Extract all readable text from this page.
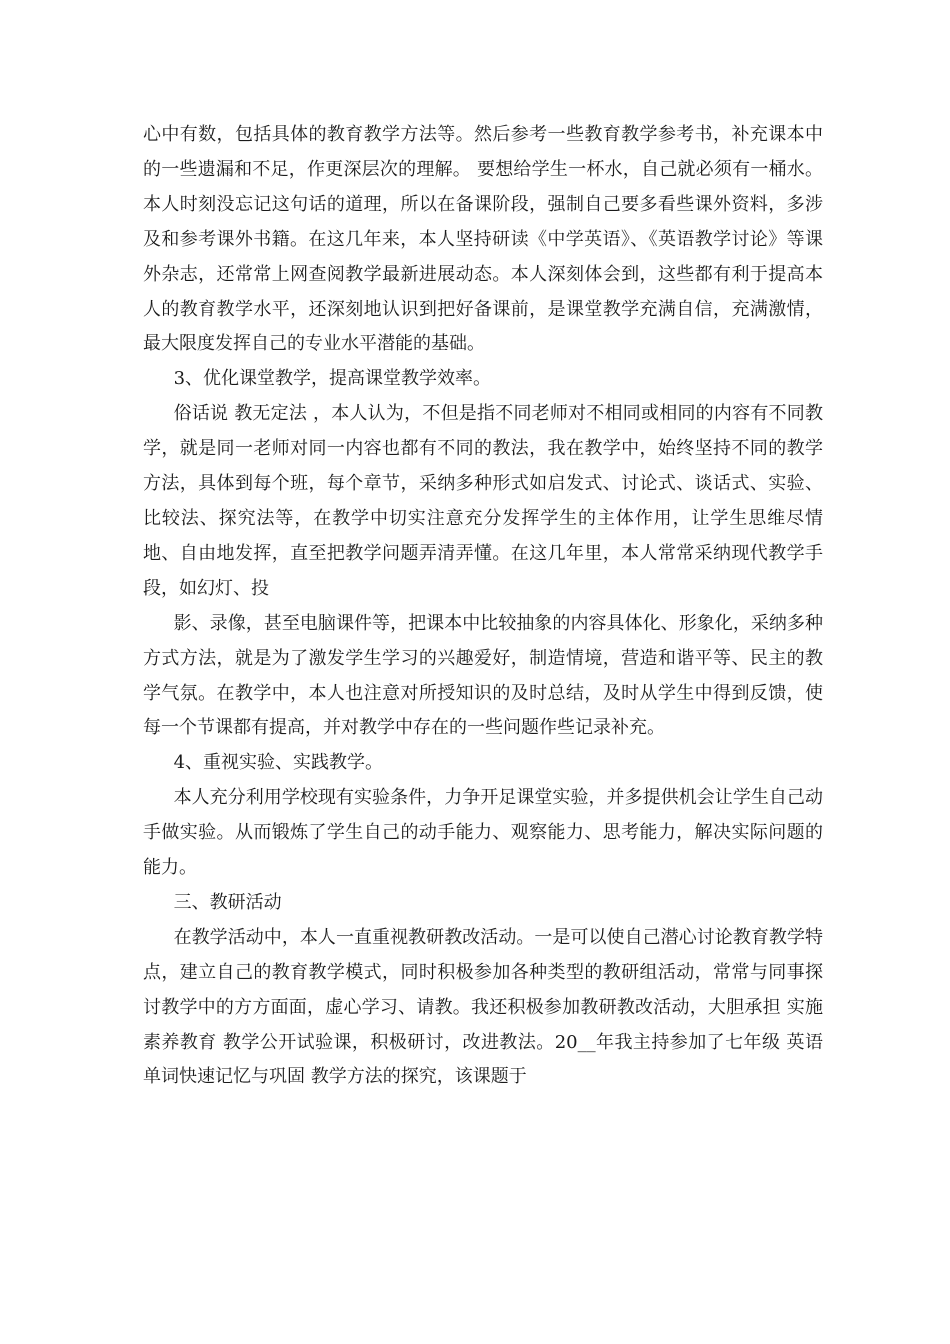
心中有数，包括具体的教育教学方法等。然后参考一些教育教学参考书，补充课本中的一些遗漏和不足，作更深层次的理解。 要想给学生一杯水，自己就必须有一桶水。 本人时刻没忘记这句话的道理，所以在备课阶段，强制自己要多看些课外资料，多涉及和参考课外书籍。在这几年来，本人坚持研读《中学英语》、《英语教学讨论》等课外杂志，还常常上网查阅教学最新进展动态。本人深刻体会到，这些都有利于提高本人的教育教学水平，还深刻地认识到把好备课前，是课堂教学充满自信，充满激情，最大限度发挥自己的专业水平潜能的基础。

3、优化课堂教学，提高课堂教学效率。

俗话说 教无定法 ，本人认为，不但是指不同老师对不相同或相同的内容有不同教学，就是同一老师对同一内容也都有不同的教法，我在教学中，始终坚持不同的教学方法，具体到每个班，每个章节，采纳多种形式如启发式、讨论式、谈话式、实验、比较法、探究法等，在教学中切实注意充分发挥学生的主体作用，让学生思维尽情地、自由地发挥，直至把教学问题弄清弄懂。在这几年里，本人常常采纳现代教学手段，如幻灯、投

影、录像，甚至电脑课件等，把课本中比较抽象的内容具体化、形象化，采纳多种方式方法，就是为了激发学生学习的兴趣爱好，制造情境，营造和谐平等、民主的教学气氛。在教学中，本人也注意对所授知识的及时总结，及时从学生中得到反馈，使每一个节课都有提高，并对教学中存在的一些问题作些记录补充。

4、重视实验、实践教学。

本人充分利用学校现有实验条件，力争开足课堂实验，并多提供机会让学生自己动手做实验。从而锻炼了学生自己的动手能力、观察能力、思考能力，解决实际问题的能力。

三、教研活动

在教学活动中，本人一直重视教研教改活动。一是可以使自己潜心讨论教育教学特点，建立自己的教育教学模式，同时积极参加各种类型的教研组活动，常常与同事探讨教学中的方方面面，虚心学习、请教。我还积极参加教研教改活动，大胆承担 实施素养教育 教学公开试验课，积极研讨，改进教法。20__年我主持参加了七年级 英语单词快速记忆与巩固 教学方法的探究，该课题于
